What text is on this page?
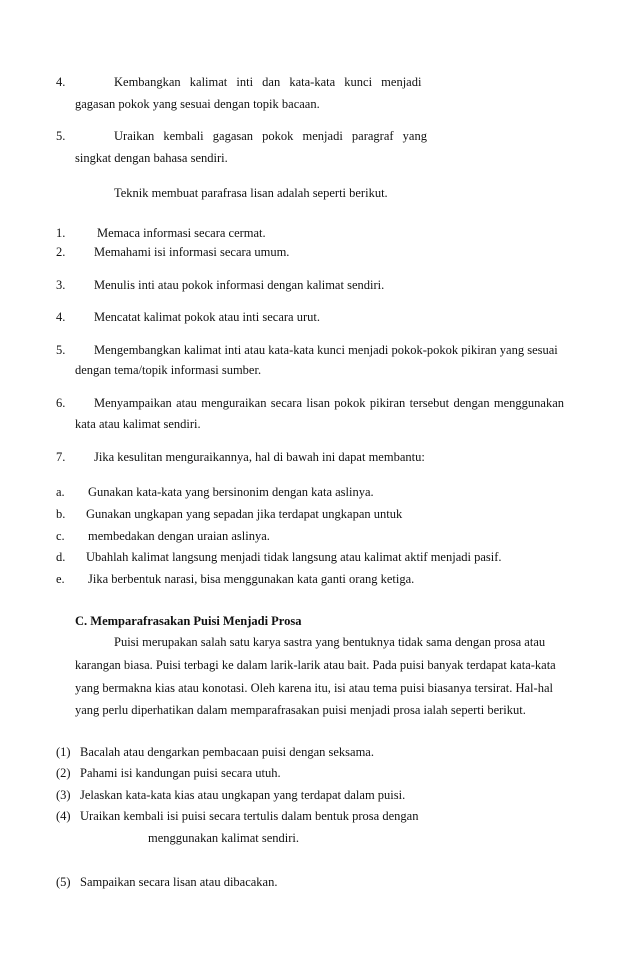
4.	Kembangkan kalimat inti dan kata-kata kunci menjadi
gagasan pokok yang sesuai dengan topik bacaan.
5.	Uraikan kembali gagasan pokok menjadi paragraf yang
singkat dengan bahasa sendiri.
Teknik membuat parafrasa lisan adalah seperti berikut.
1.	Memaca informasi secara cermat.
2. Memahami isi informasi secara umum.
3. Menulis inti atau pokok informasi dengan kalimat sendiri.
4. Mencatat kalimat pokok atau inti secara urut.
5. Mengembangkan kalimat inti atau kata-kata kunci menjadi pokok-pokok pikiran yang sesuai
dengan tema/topik informasi sumber.
6. Menyampaikan atau menguraikan secara lisan pokok pikiran tersebut dengan menggunakan
kata atau kalimat sendiri.
7. Jika kesulitan menguraikannya, hal di bawah ini dapat membantu:
a. Gunakan kata-kata yang bersinonim dengan kata aslinya.
b. Gunakan ungkapan yang sepadan jika terdapat ungkapan untuk
c. membedakan dengan uraian aslinya.
d. Ubahlah kalimat langsung menjadi tidak langsung atau kalimat aktif menjadi pasif.
e. Jika berbentuk narasi, bisa menggunakan kata ganti orang ketiga.
C. Memparafrasakan Puisi Menjadi Prosa
Puisi merupakan salah satu karya sastra yang bentuknya tidak sama dengan prosa atau
karangan biasa. Puisi terbagi ke dalam larik-larik atau bait. Pada puisi banyak terdapat kata-kata
yang bermakna kias atau konotasi. Oleh karena itu, isi atau tema puisi biasanya tersirat. Hal-hal
yang perlu diperhatikan dalam memparafrasakan puisi menjadi prosa ialah seperti berikut.
(1) Bacalah atau dengarkan pembacaan puisi dengan seksama.
(2) Pahami isi kandungan puisi secara utuh.
(3) Jelaskan kata-kata kias atau ungkapan yang terdapat dalam puisi.
(4) Uraikan kembali isi puisi secara tertulis dalam bentuk prosa dengan
menggunakan kalimat sendiri.
(5) Sampaikan secara lisan atau dibacakan.
